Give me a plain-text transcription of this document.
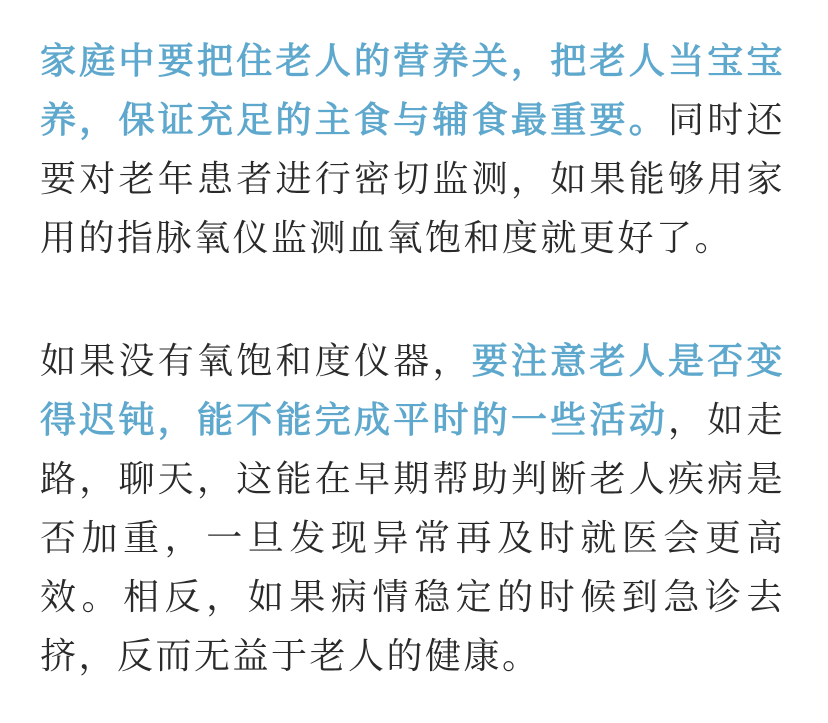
家庭中要把住老人的营养关，把老人当宝宝
养，保证充足的主食与辅食最重要。同时还
要对老年患者进行密切监测，如果能够用家
用的指脉氧仪监测血氧饱和度就更好了。

如果没有氧饱和度仪器，要注意老人是否变
得迟钝，能不能完成平时的一些活动，如走
路，聊天，这能在早期帮助判断老人疾病是
否加重，一旦发现异常再及时就医会更高
效。相反，如果病情稳定的时候到急诊去
挤，反而无益于老人的健康。
